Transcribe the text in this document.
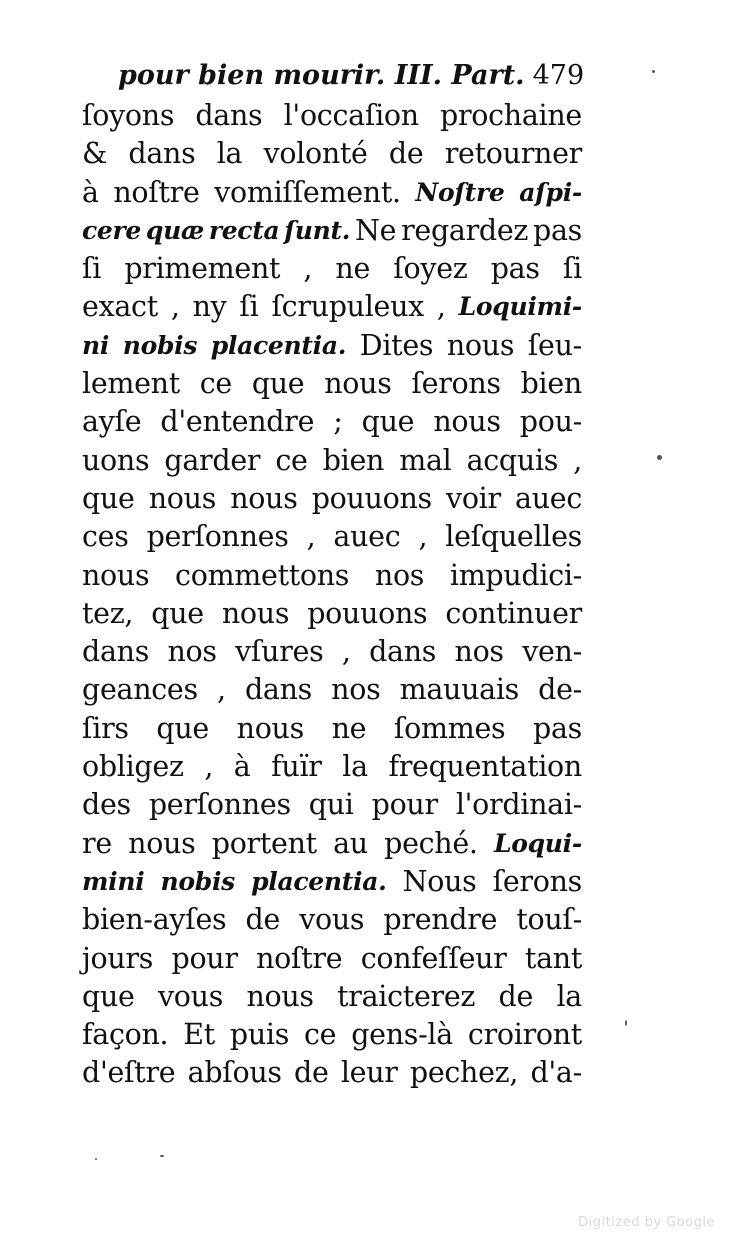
pour bien mourir. III. Part. 479
ſoyons dans l'occaſion prochaine
& dans la volonté de retourner
à noſtre vomiſſement. Noſtre aſpi-
cere quæ recta ſunt. Ne regardez pas
ſi primement , ne ſoyez pas ſi
exact , ny ſi ſcrupuleux , Loquimi-
ni nobis placentia. Dites nous ſeu-
lement ce que nous ſerons bien
ayſe d'entendre ; que nous pou-
uons garder ce bien mal acquis ,
que nous nous pouuons voir auec
ces perſonnes , auec , leſquelles
nous commettons nos impudici-
tez, que nous pouuons continuer
dans nos vſures , dans nos ven-
geances , dans nos mauuais de-
ſirs que nous ne ſommes pas
obligez , à fuïr la frequentation
des perſonnes qui pour l'ordinai-
re nous portent au peché. Loqui-
mini nobis placentia. Nous ſerons
bien-ayſes de vous prendre touſ-
jours pour noſtre confeſſeur tant
que vous nous traicterez de la
façon. Et puis ce gens-là croiront
d'eſtre abſous de leur pechez, d'a-
Digitized by Google
